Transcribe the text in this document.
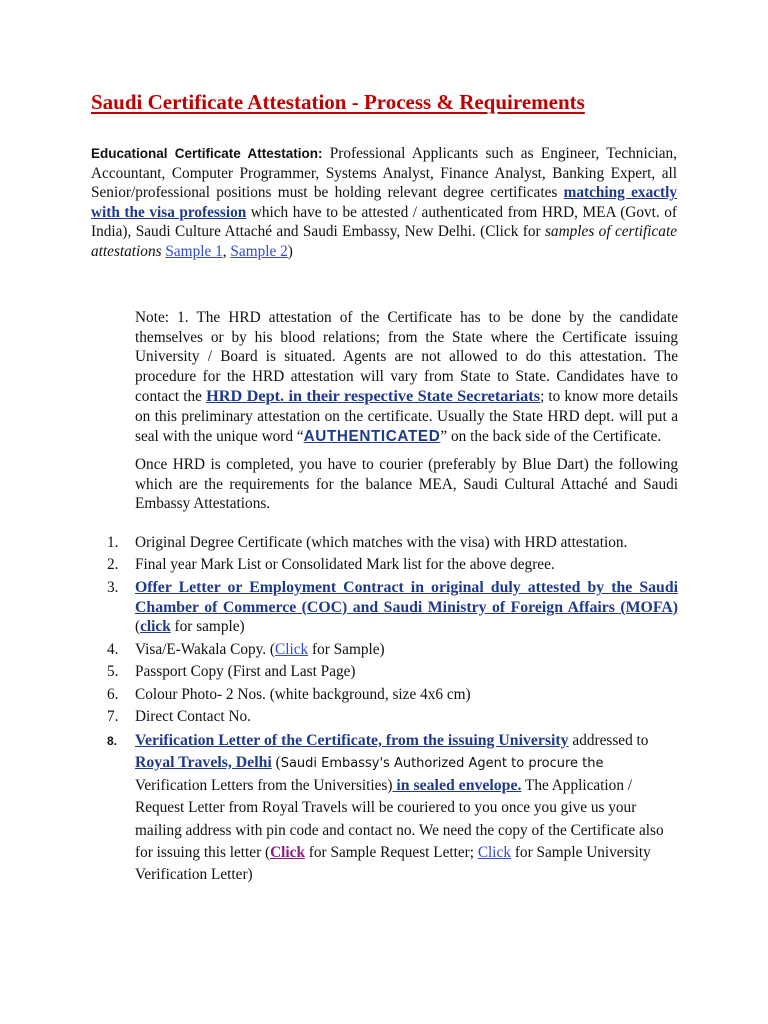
Saudi Certificate Attestation - Process & Requirements

Educational Certificate Attestation: Professional Applicants such as Engineer, Technician, Accountant, Computer Programmer, Systems Analyst, Finance Analyst, Banking Expert, all Senior/professional positions must be holding relevant degree certificates matching exactly with the visa profession which have to be attested / authenticated from HRD, MEA (Govt. of India), Saudi Culture Attaché and Saudi Embassy, New Delhi. (Click for samples of certificate attestations Sample 1, Sample 2)

Note: 1. The HRD attestation of the Certificate has to be done by the candidate themselves or by his blood relations; from the State where the Certificate issuing University / Board is situated. Agents are not allowed to do this attestation. The procedure for the HRD attestation will vary from State to State. Candidates have to contact the HRD Dept. in their respective State Secretariats; to know more details on this preliminary attestation on the certificate. Usually the State HRD dept. will put a seal with the unique word “AUTHENTICATED” on the back side of the Certificate.

Once HRD is completed, you have to courier (preferably by Blue Dart) the following which are the requirements for the balance MEA, Saudi Cultural Attaché and Saudi Embassy Attestations.

1. Original Degree Certificate (which matches with the visa) with HRD attestation.
2. Final year Mark List or Consolidated Mark list for the above degree.
3. Offer Letter or Employment Contract in original duly attested by the Saudi Chamber of Commerce (COC) and Saudi Ministry of Foreign Affairs (MOFA) (click for sample)
4. Visa/E-Wakala Copy. (Click for Sample)
5. Passport Copy (First and Last Page)
6. Colour Photo- 2 Nos. (white background, size 4x6 cm)
7. Direct Contact No.
8. Verification Letter of the Certificate, from the issuing University addressed to Royal Travels, Delhi (Saudi Embassy's Authorized Agent to procure the Verification Letters from the Universities) in sealed envelope. The Application / Request Letter from Royal Travels will be couriered to you once you give us your mailing address with pin code and contact no. We need the copy of the Certificate also for issuing this letter (Click for Sample Request Letter; Click for Sample University Verification Letter)
